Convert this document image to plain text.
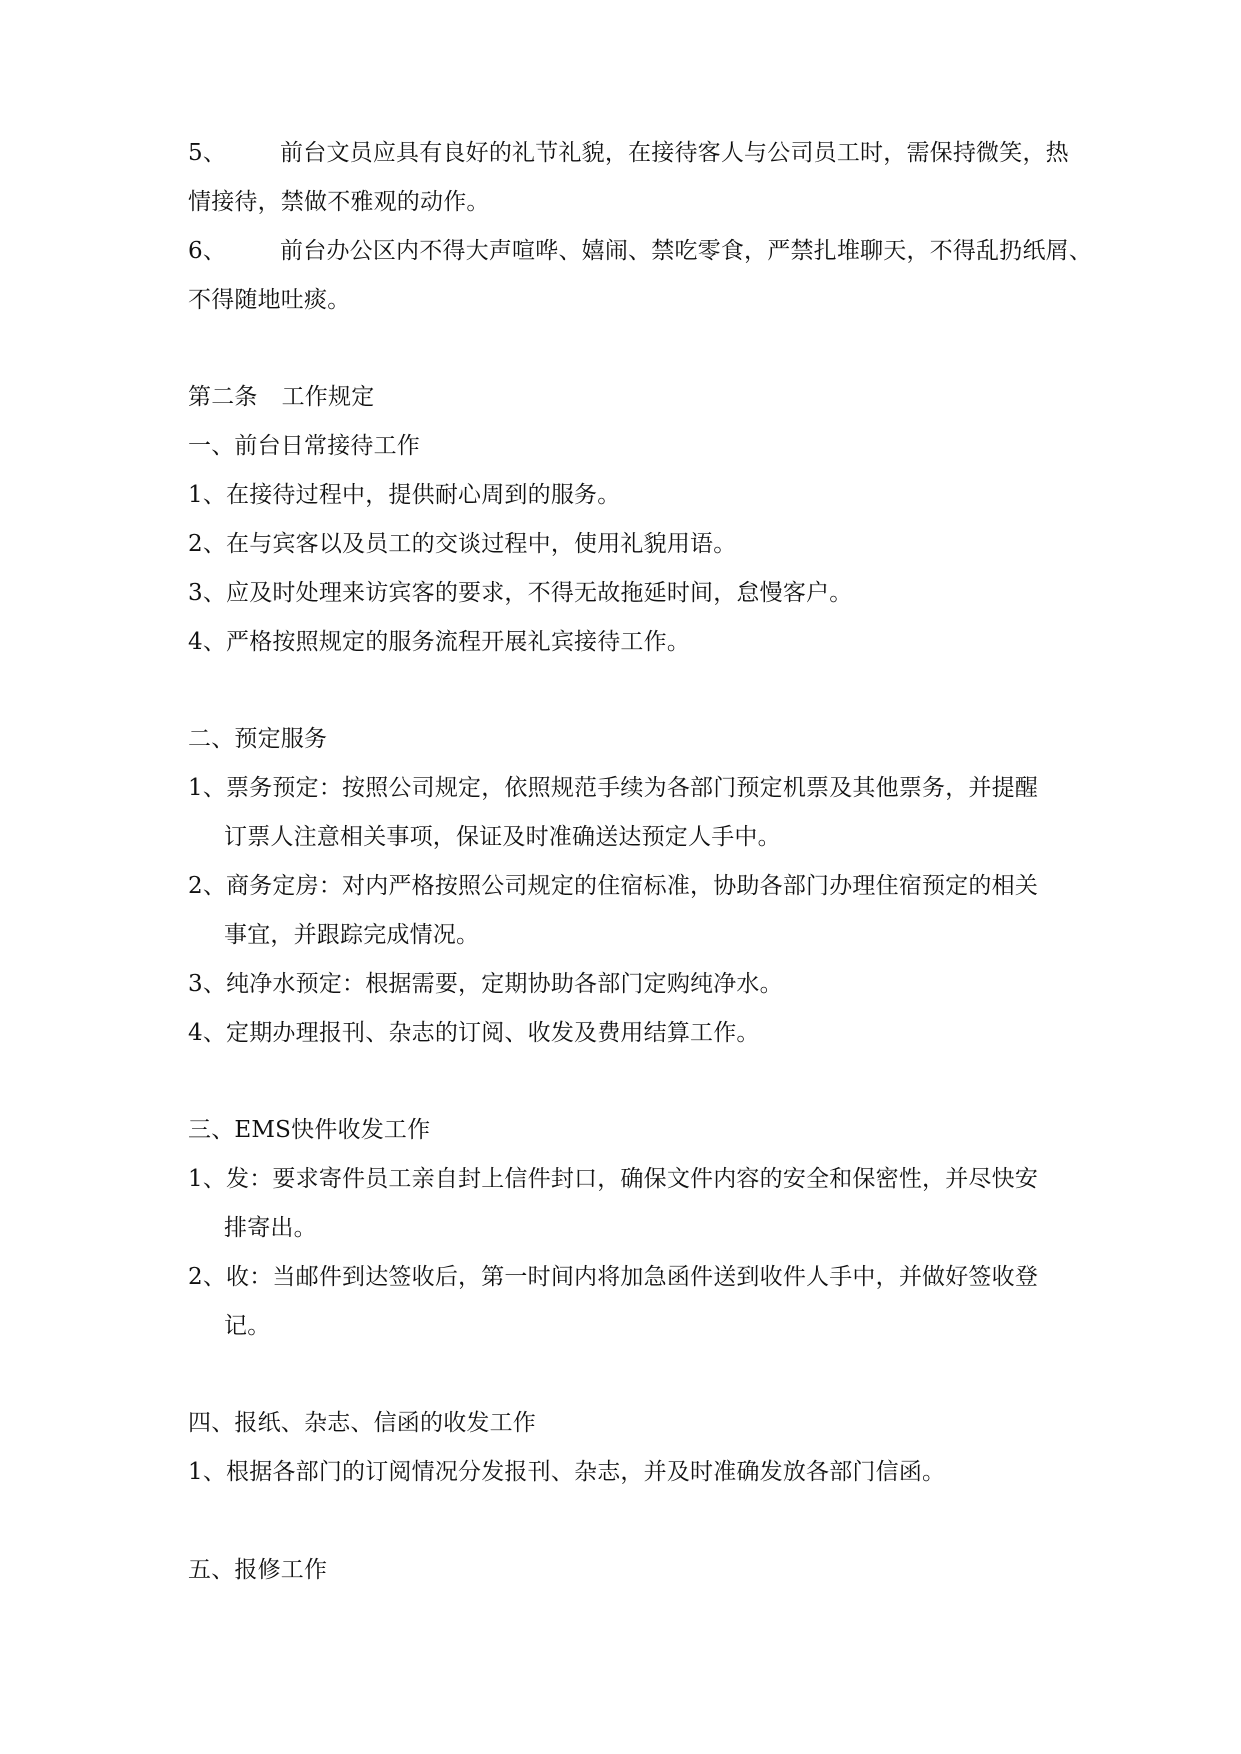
5、 前台文员应具有良好的礼节礼貌，在接待客人与公司员工时，需保持微笑，热
情接待，禁做不雅观的动作。
6、 前台办公区内不得大声喧哗、嬉闹、禁吃零食，严禁扎堆聊天，不得乱扔纸屑、
不得随地吐痰。
第二条 工作规定
一、前台日常接待工作
1、在接待过程中，提供耐心周到的服务。
2、在与宾客以及员工的交谈过程中，使用礼貌用语。
3、应及时处理来访宾客的要求，不得无故拖延时间，怠慢客户。
4、严格按照规定的服务流程开展礼宾接待工作。
二、预定服务
1、票务预定：按照公司规定，依照规范手续为各部门预定机票及其他票务，并提醒
订票人注意相关事项，保证及时准确送达预定人手中。
2、商务定房：对内严格按照公司规定的住宿标准，协助各部门办理住宿预定的相关
事宜，并跟踪完成情况。
3、纯净水预定：根据需要，定期协助各部门定购纯净水。
4、定期办理报刊、杂志的订阅、收发及费用结算工作。
三、EMS快件收发工作
1、发：要求寄件员工亲自封上信件封口，确保文件内容的安全和保密性，并尽快安
排寄出。
2、收：当邮件到达签收后，第一时间内将加急函件送到收件人手中，并做好签收登
记。
四、报纸、杂志、信函的收发工作
1、根据各部门的订阅情况分发报刊、杂志，并及时准确发放各部门信函。
五、报修工作
